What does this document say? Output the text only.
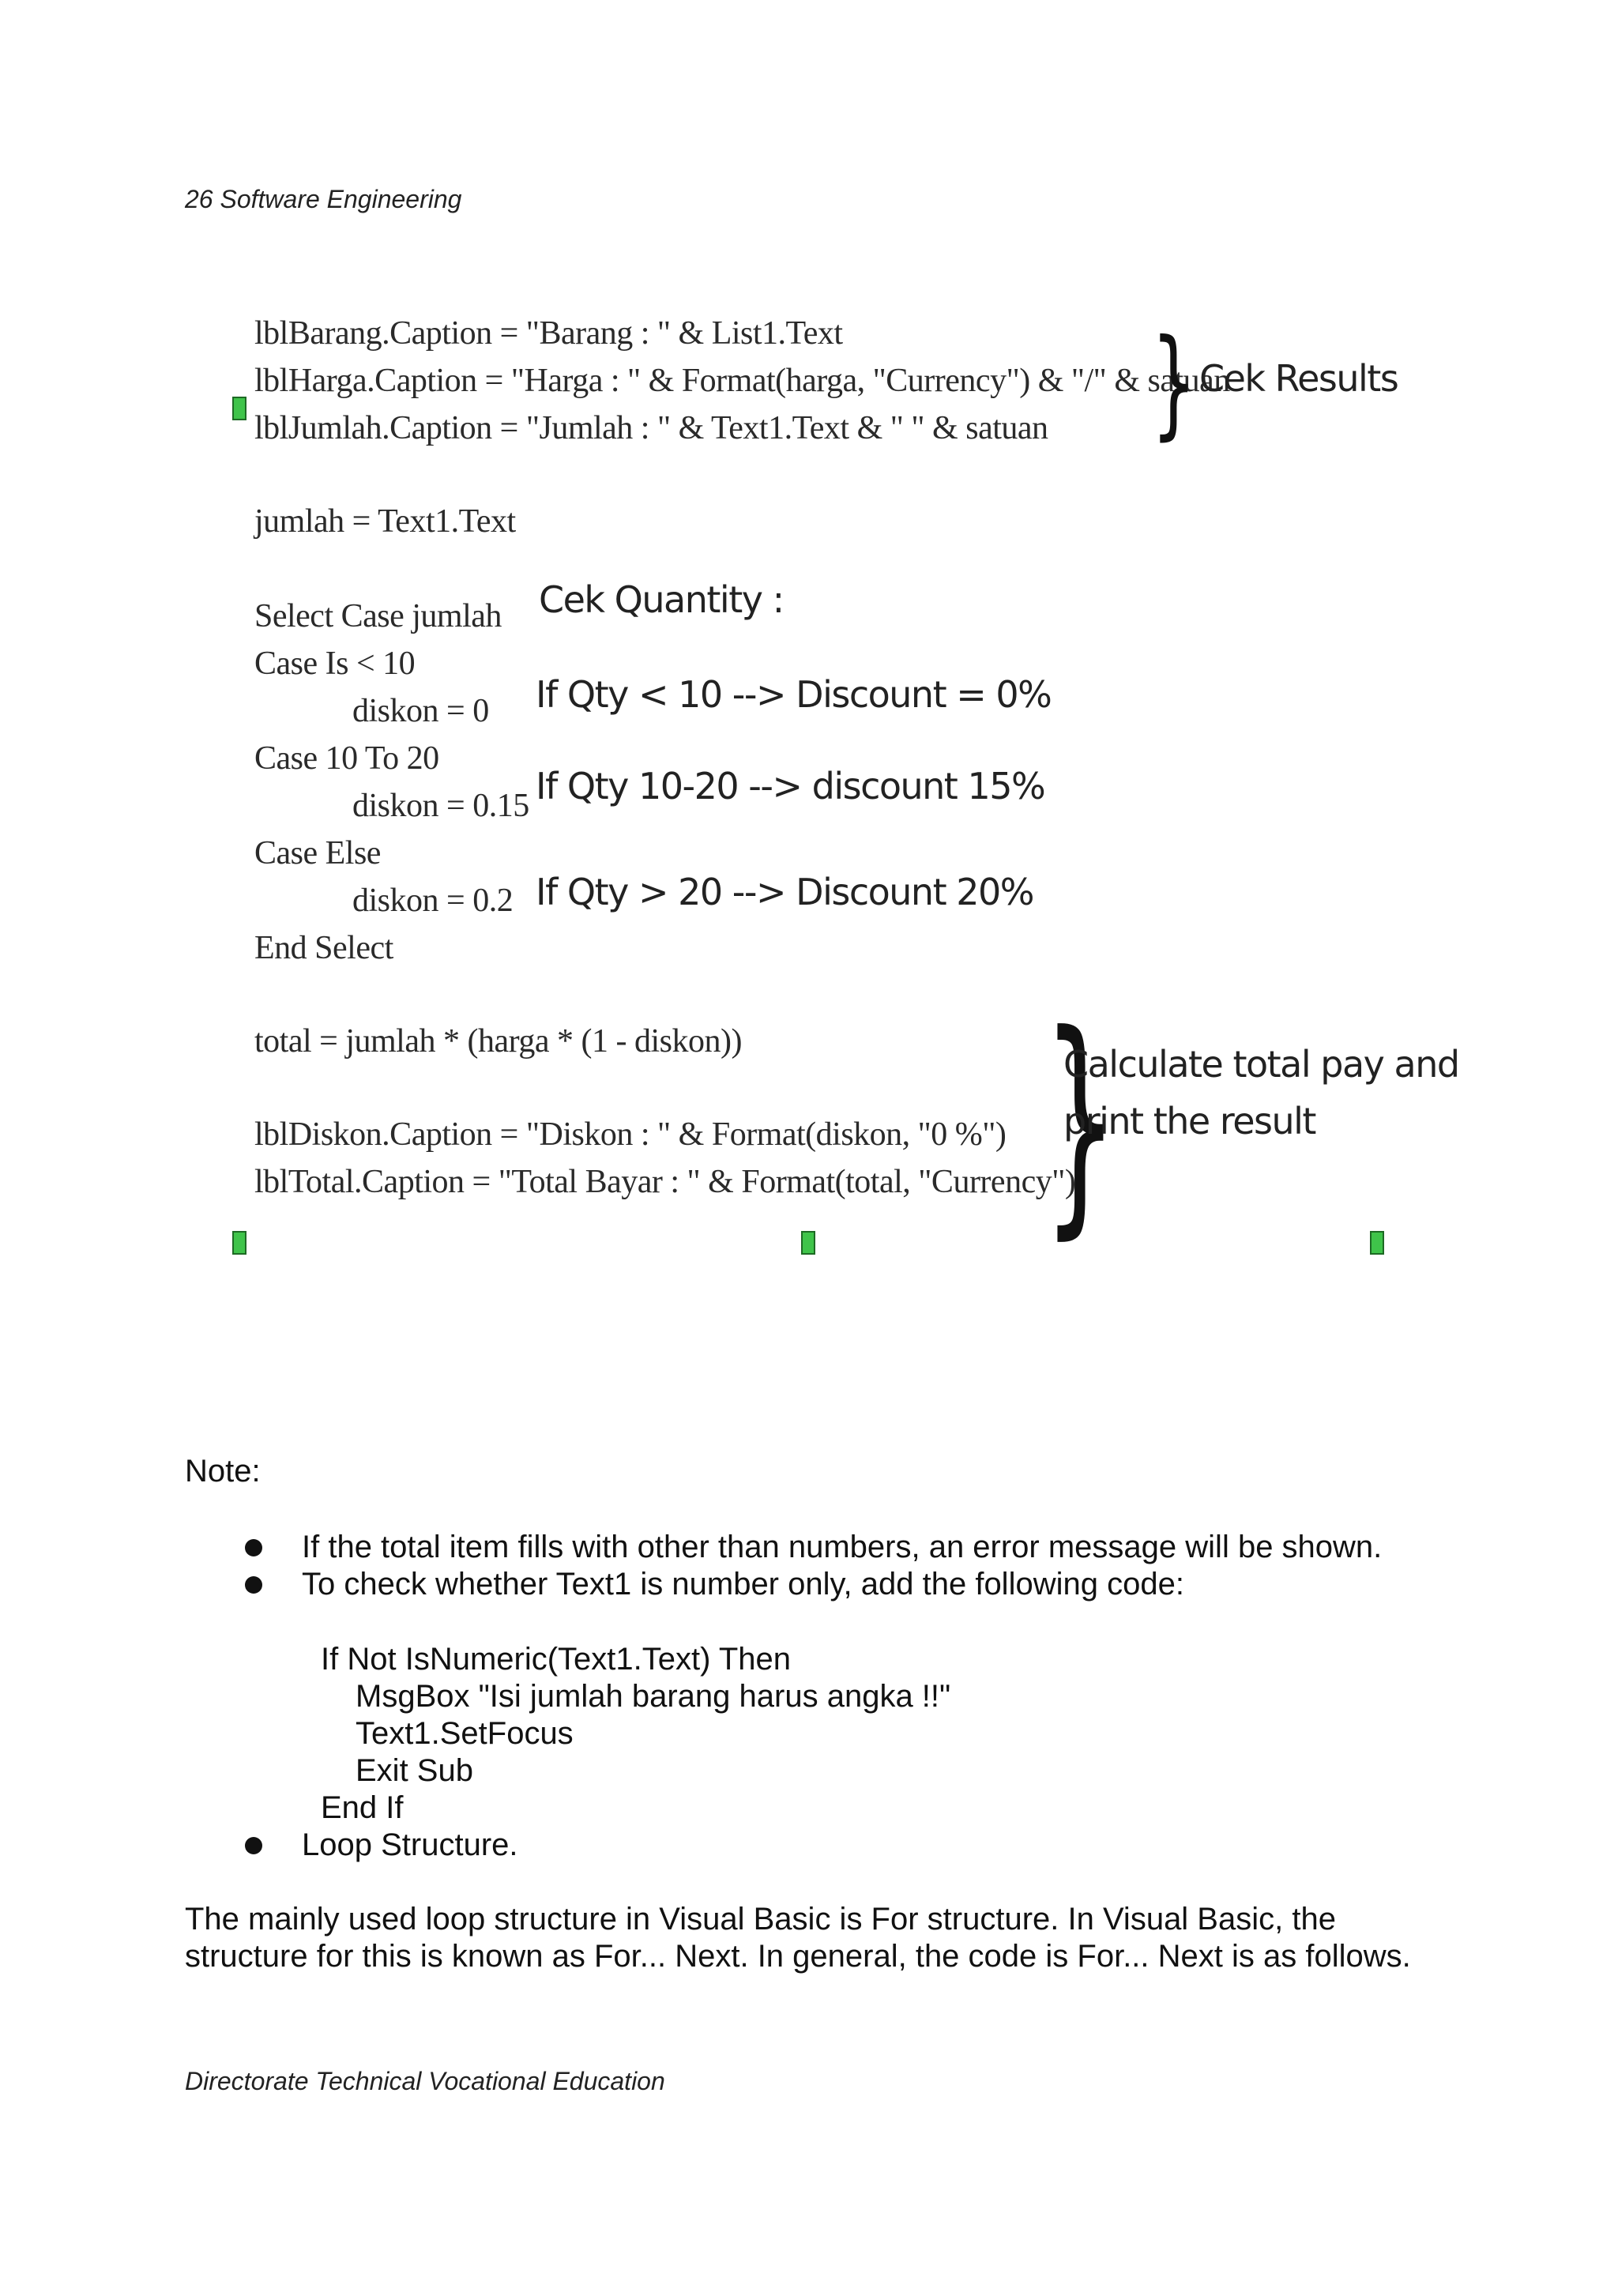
26 Software Engineering
lblBarang.Caption = "Barang : " & List1.Text
lblHarga.Caption = "Harga : " & Format(harga, "Currency") & "/" & satuan
lblJumlah.Caption = "Jumlah : " & Text1.Text & " " & satuan
jumlah = Text1.Text
Select Case jumlah
Case Is < 10
diskon = 0
Case 10 To 20
diskon = 0.15
Case Else
diskon = 0.2
End Select
total = jumlah * (harga * (1 - diskon))
lblDiskon.Caption = "Diskon : " & Format(diskon, "0 %")
lblTotal.Caption = "Total Bayar : " & Format(total, "Currency")
} Cek Results
Cek Quantity :
If Qty < 10 --> Discount = 0%
If Qty 10-20 --> discount 15%
If Qty > 20 --> Discount 20%
}
Calculate total pay and
print the result
Note:
If the total item fills with other than numbers, an error message will be shown.
To check whether Text1 is number only, add the following code:
If Not IsNumeric(Text1.Text) Then
MsgBox "Isi jumlah barang harus angka !!"
Text1.SetFocus
Exit Sub
End If
Loop Structure.
The mainly used loop structure in Visual Basic is For structure. In Visual Basic, the structure for this is known as For... Next. In general, the code is For... Next is as follows.
Directorate Technical Vocational Education
